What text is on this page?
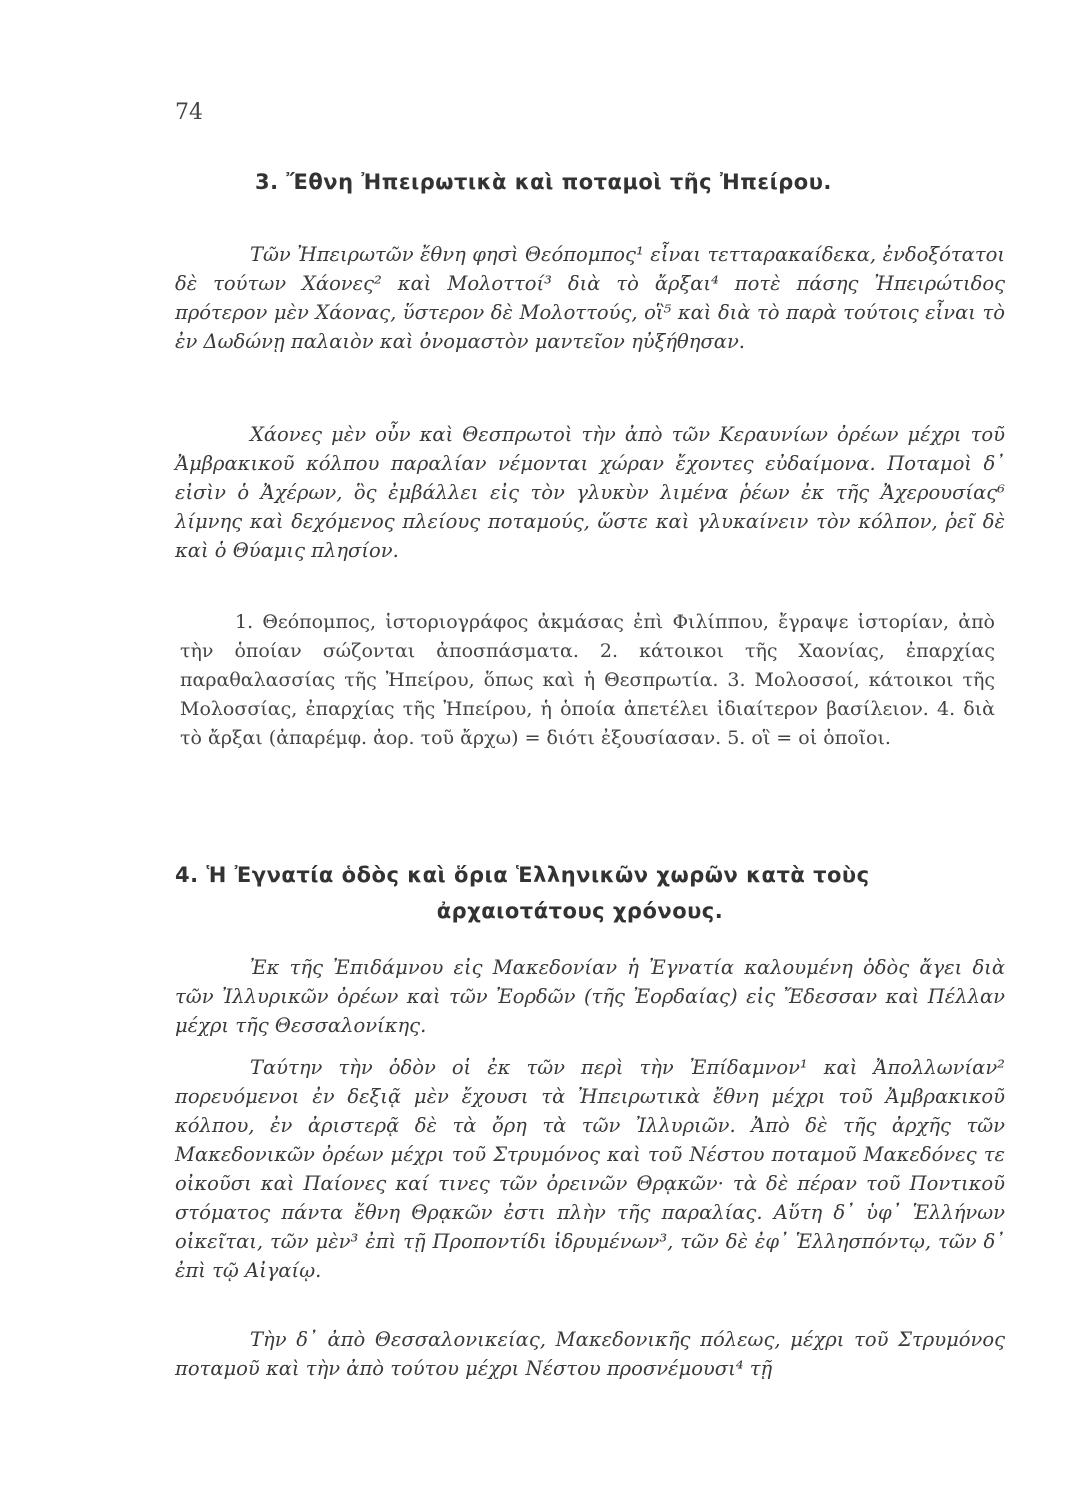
74
3. Ἔθνη Ἠπειρωτικὰ καὶ ποταμοὶ τῆς Ἠπείρου.

Τῶν Ἠπειρωτῶν ἔθνη φησὶ Θεόπομπος¹ εἶναι τετταρακαίδεκα, ἐνδοξότατοι δὲ τούτων Χάονες² καὶ Μολοττοί³ διὰ τὸ ἄρξαι⁴ ποτὲ πάσης Ἠπειρώτιδος πρότερον μὲν Χάονας, ὕστερον δὲ Μολοττούς, οἳ⁵ καὶ διὰ τὸ παρὰ τούτοις εἶναι τὸ ἐν Δωδώνῃ παλαιὸν καὶ ὀνομαστὸν μαντεῖον ηὐξήθησαν.

Χάονες μὲν οὖν καὶ Θεσπρωτοὶ τὴν ἀπὸ τῶν Κεραυνίων ὀρέων μέχρι τοῦ Ἀμβρακικοῦ κόλπου παραλίαν νέμονται χώραν ἔχοντες εὐδαίμονα. Ποταμοὶ δ᾽ εἰσὶν ὁ Ἀχέρων, ὃς ἐμβάλλει εἰς τὸν γλυκὺν λιμένα ῥέων ἐκ τῆς Ἀχερουσίας⁶ λίμνης καὶ δεχόμενος πλείους ποταμούς, ὥστε καὶ γλυκαίνειν τὸν κόλπον, ῥεῖ δὲ καὶ ὁ Θύαμις πλησίον.

1. Θεόπομπος, ἱστοριογράφος ἀκμάσας ἐπὶ Φιλίππου, ἔγραψε ἱστορίαν, ἀπὸ τὴν ὁποίαν σώζονται ἀποσπάσματα. 2. κάτοικοι τῆς Χαονίας, ἐπαρχίας παραθαλασσίας τῆς Ἠπείρου, ὅπως καὶ ἡ Θεσπρωτία. 3. Μολοσσοί, κάτοικοι τῆς Μολοσσίας, ἐπαρχίας τῆς Ἠπείρου, ἡ ὁποία ἀπετέλει ἰδιαίτερον βασίλειον. 4. διὰ τὸ ἄρξαι (ἀπαρέμφ. ἀορ. τοῦ ἄρχω) = διότι ἐξουσίασαν. 5. οἳ = οἱ ὁποῖοι.

4. Ἡ Ἐγνατία ὁδὸς καὶ ὅρια Ἑλληνικῶν χωρῶν κατὰ τοὺς
ἀρχαιοτάτους χρόνους.

Ἐκ τῆς Ἐπιδάμνου εἰς Μακεδονίαν ἡ Ἐγνατία καλουμένη ὁδὸς ἄγει διὰ τῶν Ἰλλυρικῶν ὀρέων καὶ τῶν Ἐορδῶν (τῆς Ἐορδαίας) εἰς Ἔδεσσαν καὶ Πέλλαν μέχρι τῆς Θεσσαλονίκης.

Ταύτην τὴν ὁδὸν οἱ ἐκ τῶν περὶ τὴν Ἐπίδαμνον¹ καὶ Ἀπολλωνίαν² πορευόμενοι ἐν δεξιᾷ μὲν ἔχουσι τὰ Ἠπειρωτικὰ ἔθνη μέχρι τοῦ Ἀμβρακικοῦ κόλπου, ἐν ἀριστερᾷ δὲ τὰ ὄρη τὰ τῶν Ἰλλυριῶν. Ἀπὸ δὲ τῆς ἀρχῆς τῶν Μακεδονικῶν ὀρέων μέχρι τοῦ Στρυμόνος καὶ τοῦ Νέστου ποταμοῦ Μακεδόνες τε οἰκοῦσι καὶ Παίονες καί τινες τῶν ὀρεινῶν Θρᾳκῶν· τὰ δὲ πέραν τοῦ Ποντικοῦ στόματος πάντα ἔθνη Θρᾳκῶν ἐστι πλὴν τῆς παραλίας. Αὕτη δ᾽ ὑφ᾽ Ἑλλήνων οἰκεῖται, τῶν μὲν³ ἐπὶ τῇ Προποντίδι ἱδρυμένων³, τῶν δὲ ἐφ᾽ Ἑλλησπόντῳ, τῶν δ᾽ ἐπὶ τῷ Αἰγαίῳ.

Τὴν δ᾽ ἀπὸ Θεσσαλονικείας, Μακεδονικῆς πόλεως, μέχρι τοῦ Στρυμόνος ποταμοῦ καὶ τὴν ἀπὸ τούτου μέχρι Νέστου προσνέμουσι⁴ τῇ
